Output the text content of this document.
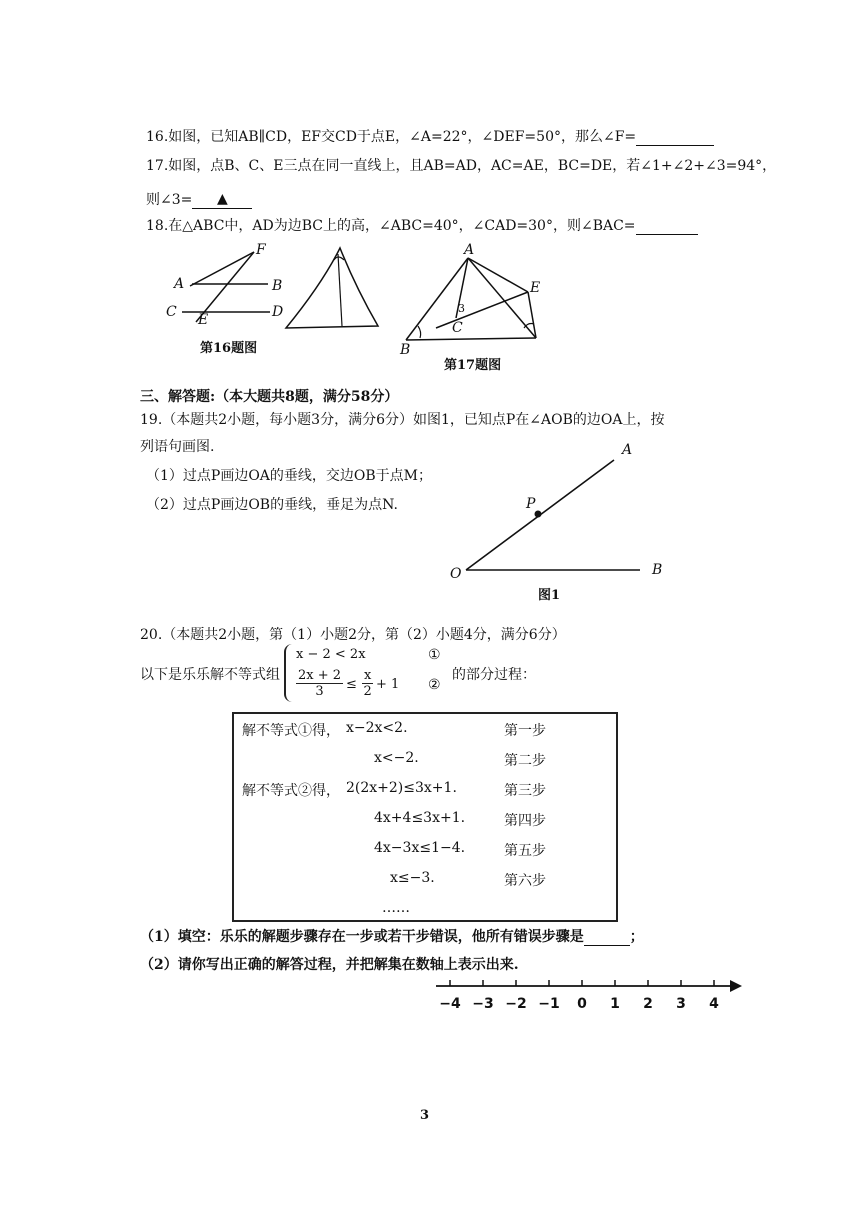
16.如图，已知AB∥CD，EF交CD于点E，∠A=22°，∠DEF=50°，那么∠F=
17.如图，点B、C、E三点在同一直线上，且AB=AD，AC=AE，BC=DE，若∠1+∠2+∠3=94°，
则∠3= ▲
18.在△ABC中，AD为边BC上的高，∠ABC=40°，∠CAD=30°，则∠BAC=
A	B
C	D
E
F
第16题图
A
B
C
E
3
第17题图
三、解答题:（本大题共8题，满分58分）
19.（本题共2小题，每小题3分，满分6分）如图1，已知点P在∠AOB的边OA上，按
列语句画图.
（1）过点P画边OA的垂线，交边OB于点M；
（2）过点P画边OB的垂线，垂足为点N.
A
P
O	B
图1
20.（本题共2小题，第（1）小题2分，第（2）小题4分，满分6分）
以下是乐乐解不等式组
x − 2 < 2x
$\frac{2x + 2}{3} \le \frac{x}{2} + 1$
①
②
的部分过程：
解不等式①得， x−2x<2.	第一步
x<−2.	第二步
解不等式②得， 2(2x+2)≤3x+1.	第三步
4x+4≤3x+1.	第四步
4x−3x≤1−4.	第五步
x≤−3.	第六步
……
（1）填空：乐乐的解题步骤存在一步或若干步错误，他所有错误步骤是	；
（2）请你写出正确的解答过程，并把解集在数轴上表示出来.
−4 −3 −2 −1 0 1 2 3 4
3
